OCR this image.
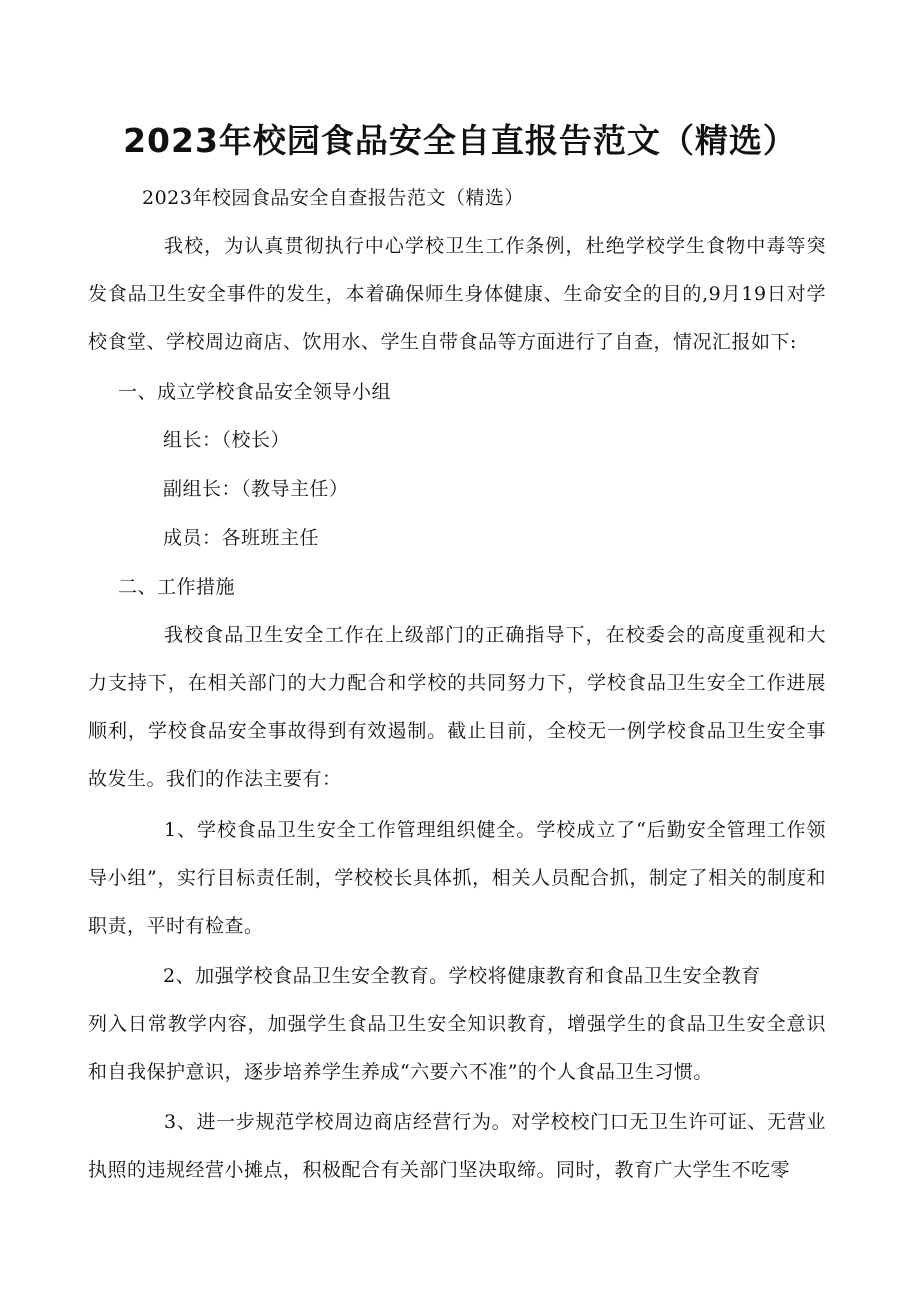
2023年校园食品安全自直报告范文（精选）
2023年校园食品安全自查报告范文（精选）
我校，为认真贯彻执行中心学校卫生工作条例，杜绝学校学生食物中毒等突发食品卫生安全事件的发生，本着确保师生身体健康、生命安全的目的,9月19日对学校食堂、学校周边商店、饮用水、学生自带食品等方面进行了自查，情况汇报如下:
一、成立学校食品安全领导小组
组长：（校长）
副组长：（教导主任）
成员：各班班主任
二、工作措施
我校食品卫生安全工作在上级部门的正确指导下，在校委会的高度重视和大力支持下，在相关部门的大力配合和学校的共同努力下，学校食品卫生安全工作进展顺利，学校食品安全事故得到有效遏制。截止目前，全校无一例学校食品卫生安全事故发生。我们的作法主要有：
1、学校食品卫生安全工作管理组织健全。学校成立了“后勤安全管理工作领导小组”，实行目标责任制，学校校长具体抓，相关人员配合抓，制定了相关的制度和职责，平时有检查。
2、加强学校食品卫生安全教育。学校将健康教育和食品卫生安全教育
列入日常教学内容，加强学生食品卫生安全知识教育，增强学生的食品卫生安全意识和自我保护意识，逐步培养学生养成“六要六不准”的个人食品卫生习惯。
3、进一步规范学校周边商店经营行为。对学校校门口无卫生许可证、无营业执照的违规经营小摊点，积极配合有关部门坚决取缔。同时，教育广大学生不吃零
